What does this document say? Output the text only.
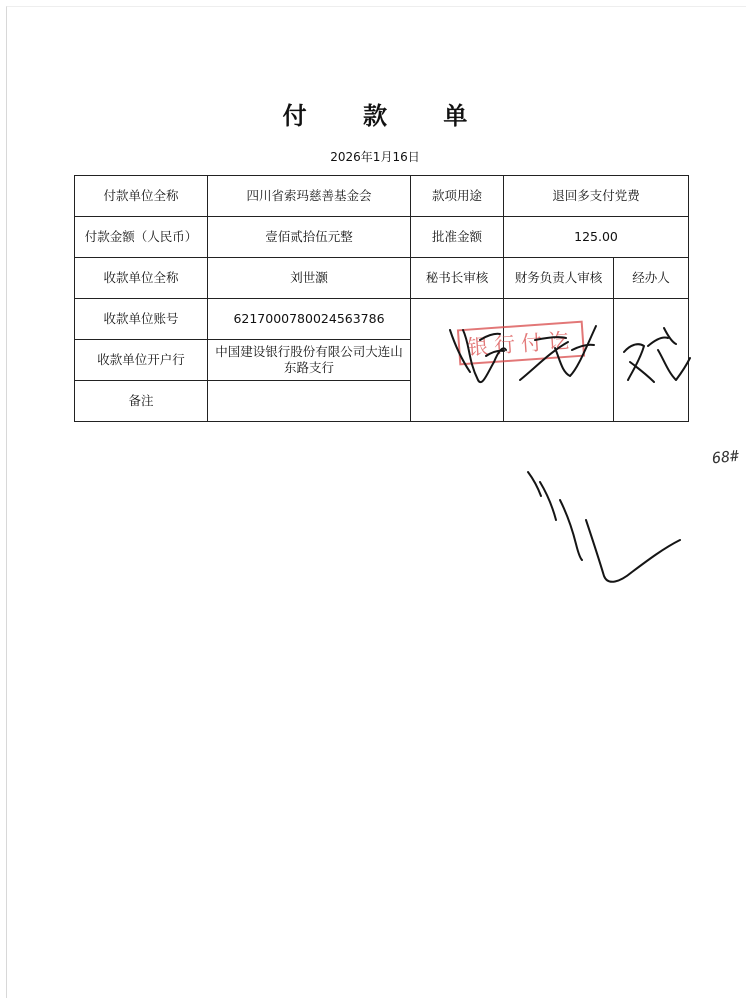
付 款 单
2026年1月16日
付款单位全称	四川省索玛慈善基金会	款项用途	退回多支付党费	
付款金额（人民币）	壹佰贰拾伍元整	批准金额	125.00	
收款单位全称	刘世灏	秘书长审核	财务负责人审核	经办人
收款单位账号	6217000780024563786			
收款单位开户行	中国建设银行股份有限公司大连山东路支行			
备注				
银行付讫
68#
